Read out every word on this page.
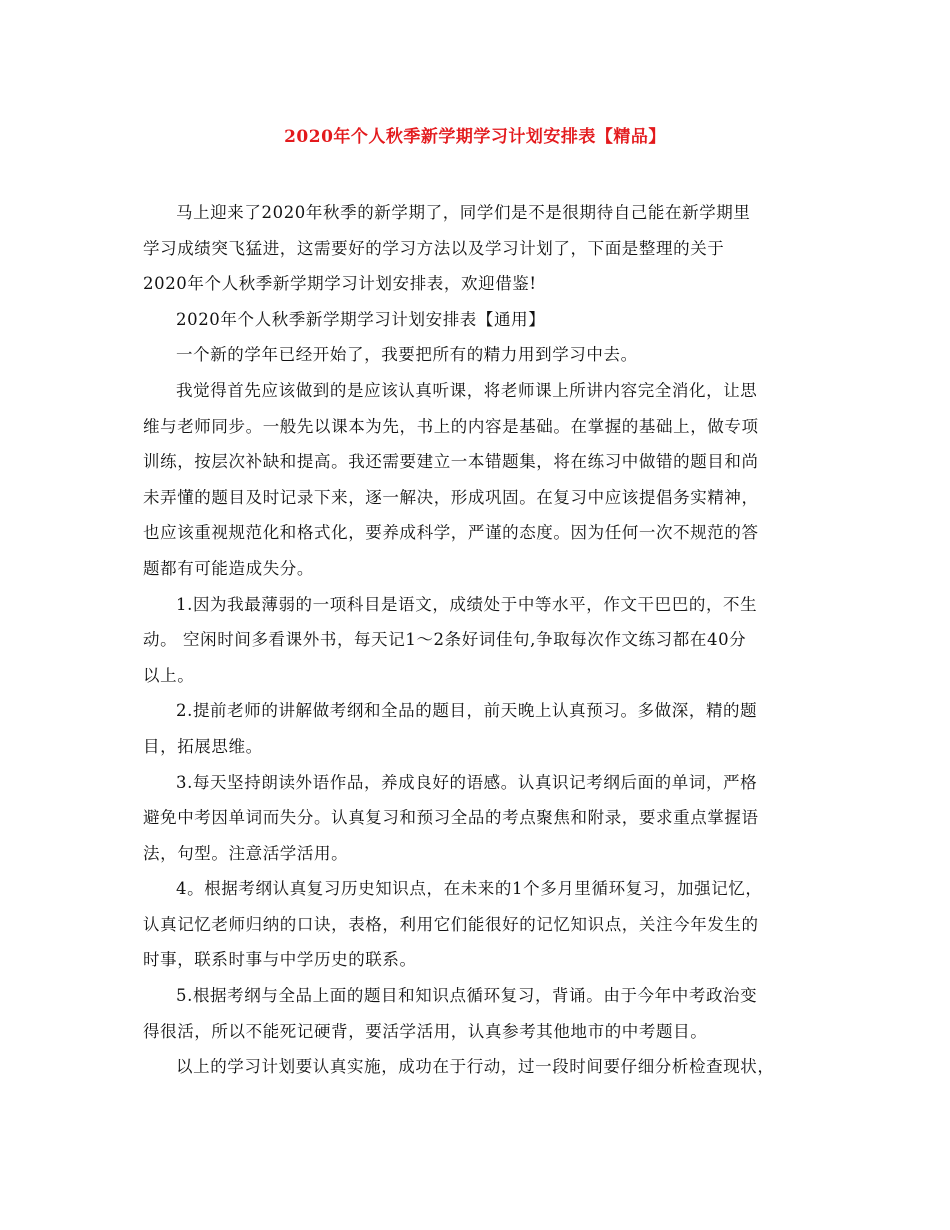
2020年个人秋季新学期学习计划安排表【精品】
马上迎来了2020年秋季的新学期了，同学们是不是很期待自己能在新学期里
学习成绩突飞猛进，这需要好的学习方法以及学习计划了，下面是整理的关于
2020年个人秋季新学期学习计划安排表，欢迎借鉴!
2020年个人秋季新学期学习计划安排表【通用】
一个新的学年已经开始了，我要把所有的精力用到学习中去。
我觉得首先应该做到的是应该认真听课，将老师课上所讲内容完全消化，让思
维与老师同步。一般先以课本为先，书上的内容是基础。在掌握的基础上，做专项
训练，按层次补缺和提高。我还需要建立一本错题集，将在练习中做错的题目和尚
未弄懂的题目及时记录下来，逐一解决，形成巩固。在复习中应该提倡务实精神，
也应该重视规范化和格式化，要养成科学，严谨的态度。因为任何一次不规范的答
题都有可能造成失分。
1.因为我最薄弱的一项科目是语文，成绩处于中等水平，作文干巴巴的，不生
动。 空闲时间多看课外书，每天记1～2条好词佳句,争取每次作文练习都在40分
以上。
2.提前老师的讲解做考纲和全品的题目，前天晚上认真预习。多做深，精的题
目，拓展思维。
3.每天坚持朗读外语作品，养成良好的语感。认真识记考纲后面的单词，严格
避免中考因单词而失分。认真复习和预习全品的考点聚焦和附录，要求重点掌握语
法，句型。注意活学活用。
4。根据考纲认真复习历史知识点，在未来的1个多月里循环复习，加强记忆，
认真记忆老师归纳的口诀，表格，利用它们能很好的记忆知识点，关注今年发生的
时事，联系时事与中学历史的联系。
5.根据考纲与全品上面的题目和知识点循环复习，背诵。由于今年中考政治变
得很活，所以不能死记硬背，要活学活用，认真参考其他地市的中考题目。
以上的学习计划要认真实施，成功在于行动，过一段时间要仔细分析检查现状，
